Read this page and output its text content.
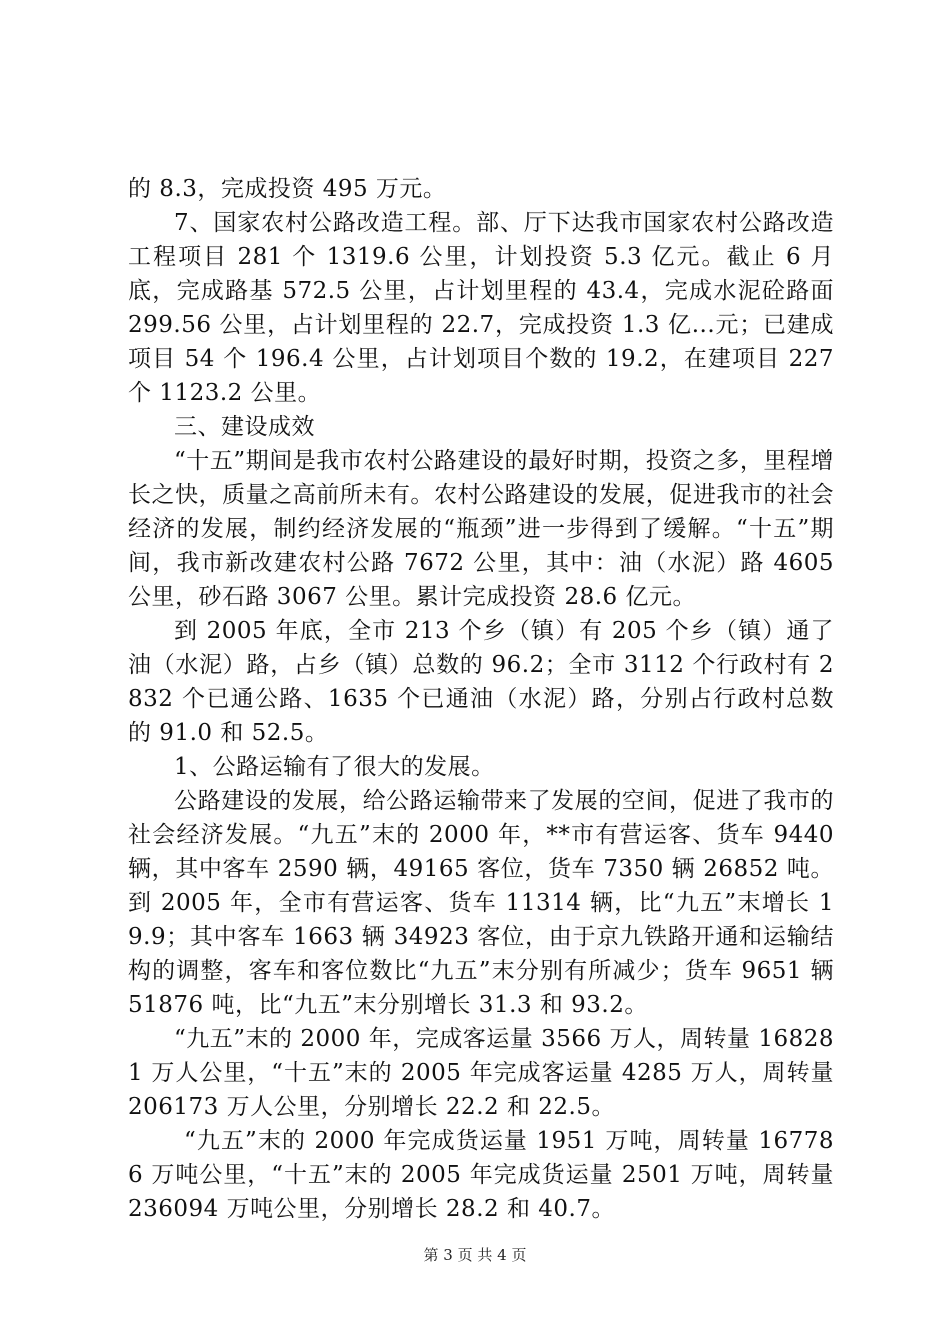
的 8.3，完成投资 495 万元。

7、国家农村公路改造工程。部、厅下达我市国家农村公路改造工程项目 281 个 1319.6 公里，计划投资 5.3 亿元。截止 6 月底，完成路基 572.5 公里，占计划里程的 43.4，完成水泥砼路面 299.56 公里，占计划里程的 22.7，完成投资 1.3 亿...元；已建成项目 54 个 196.4 公里，占计划项目个数的 19.2，在建项目 227 个 1123.2 公里。

三、建设成效

“十五”期间是我市农村公路建设的最好时期，投资之多，里程增长之快，质量之高前所未有。农村公路建设的发展，促进我市的社会经济的发展，制约经济发展的“瓶颈”进一步得到了缓解。“十五”期间，我市新改建农村公路 7672 公里，其中：油（水泥）路 4605 公里，砂石路 3067 公里。累计完成投资 28.6 亿元。

到 2005 年底，全市 213 个乡（镇）有 205 个乡（镇）通了油（水泥）路，占乡（镇）总数的 96.2；全市 3112 个行政村有 2832 个已通公路、1635 个已通油（水泥）路，分别占行政村总数的 91.0 和 52.5。

1、公路运输有了很大的发展。

公路建设的发展，给公路运输带来了发展的空间，促进了我市的社会经济发展。“九五”末的 2000 年，**市有营运客、货车 9440 辆，其中客车 2590 辆，49165 客位，货车 7350 辆 26852 吨。到 2005 年，全市有营运客、货车 11314 辆，比“九五”末增长 19.9；其中客车 1663 辆 34923 客位，由于京九铁路开通和运输结构的调整，客车和客位数比“九五”末分别有所减少；货车 9651 辆 51876 吨，比“九五”末分别增长 31.3 和 93.2。

“九五”末的 2000 年，完成客运量 3566 万人，周转量 168281 万人公里，“十五”末的 2005 年完成客运量 4285 万人，周转量 206173 万人公里，分别增长 22.2 和 22.5。

“九五”末的 2000 年完成货运量 1951 万吨，周转量 167786 万吨公里，“十五”末的 2005 年完成货运量 2501 万吨，周转量 236094 万吨公里，分别增长 28.2 和 40.7。

第 3 页 共 4 页
